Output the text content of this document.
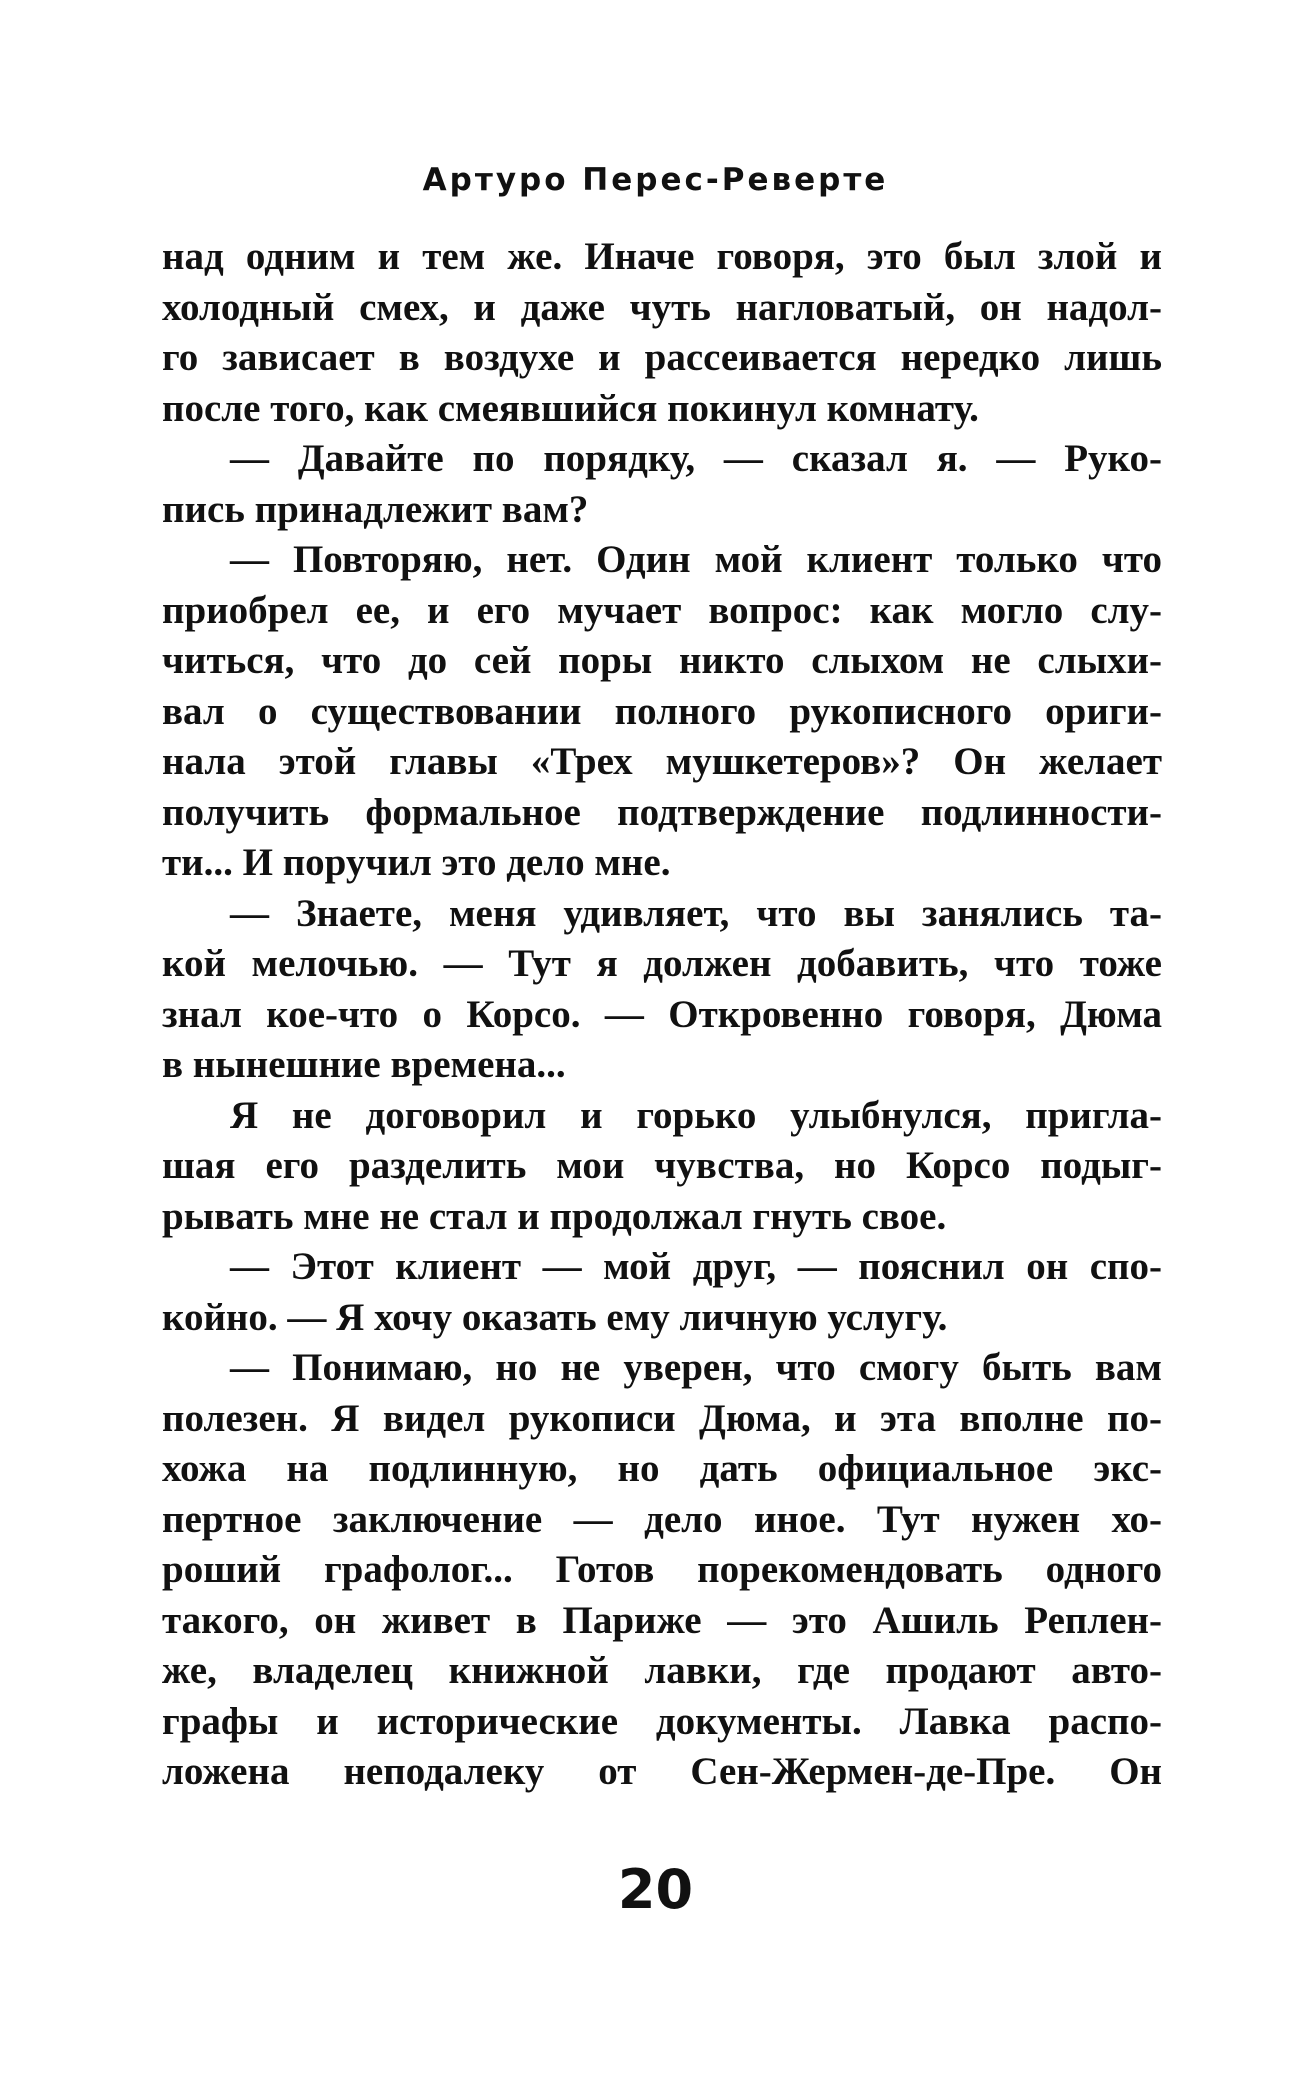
Артуро Перес-Реверте
над одним и тем же. Иначе говоря, это был злой и
холодный смех, и даже чуть нагловатый, он надол-
го зависает в воздухе и рассеивается нередко лишь
после того, как смеявшийся покинул комнату.
— Давайте по порядку, — сказал я. — Руко-
пись принадлежит вам?
— Повторяю, нет. Один мой клиент только что
приобрел ее, и его мучает вопрос: как могло слу-
читься, что до сей поры никто слыхом не слыхи-
вал о существовании полного рукописного ориги-
нала этой главы «Трех мушкетеров»? Он желает
получить формальное подтверждение подлинности-
ти... И поручил это дело мне.
— Знаете, меня удивляет, что вы занялись та-
кой мелочью. — Тут я должен добавить, что тоже
знал кое-что о Корсо. — Откровенно говоря, Дюма
в нынешние времена...
Я не договорил и горько улыбнулся, пригла-
шая его разделить мои чувства, но Корсо подыг-
рывать мне не стал и продолжал гнуть свое.
— Этот клиент — мой друг, — пояснил он спо-
койно. — Я хочу оказать ему личную услугу.
— Понимаю, но не уверен, что смогу быть вам
полезен. Я видел рукописи Дюма, и эта вполне по-
хожа на подлинную, но дать официальное экс-
пертное заключение — дело иное. Тут нужен хо-
роший графолог... Готов порекомендовать одного
такого, он живет в Париже — это Ашиль Реплен-
же, владелец книжной лавки, где продают авто-
графы и исторические документы. Лавка распо-
ложена неподалеку от Сен-Жермен-де-Пре. Он
20
